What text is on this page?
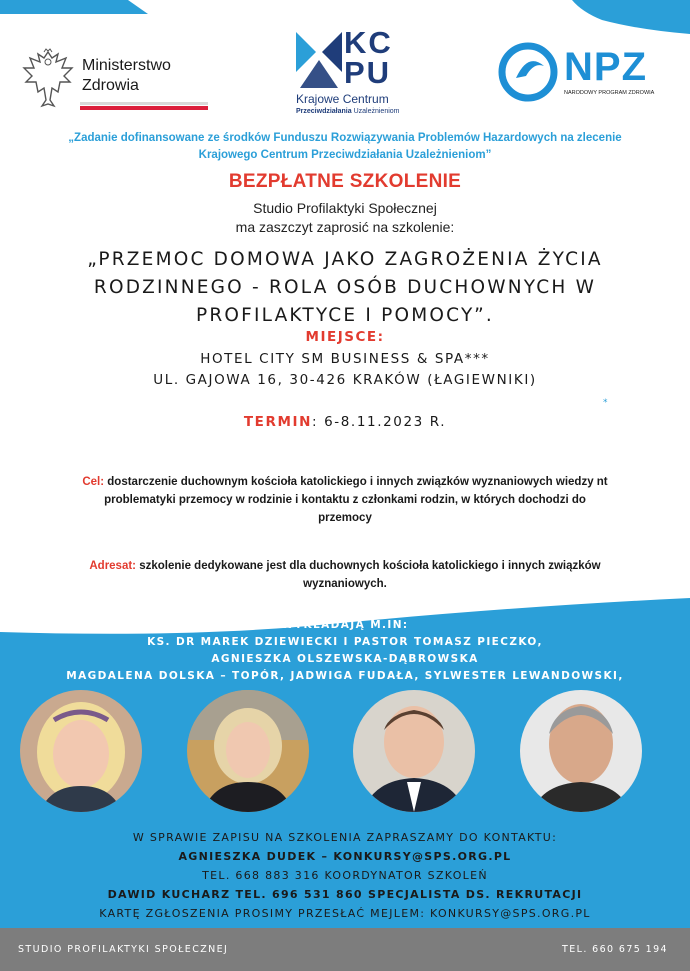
Ministerstwo
Zdrowia
KC
PU
Krajowe Centrum
Przeciwdziałania Uzależnieniom
NPZ
NARODOWY PROGRAM ZDROWIA
„Zadanie dofinansowane ze środków Funduszu Rozwiązywania Problemów Hazardowych na zlecenie
Krajowego Centrum Przeciwdziałania Uzależnieniom”
BEZPŁATNE SZKOLENIE
Studio Profilaktyki Społecznej
ma zaszczyt zaprosić na szkolenie:
„PRZEMOC DOMOWA JAKO ZAGROŻENIA ŻYCIA
RODZINNEGO - ROLA OSÓB DUCHOWNYCH W
PROFILAKTYCE I POMOCY”.
MIEJSCE:
HOTEL CITY SM BUSINESS & SPA***
UL. GAJOWA 16, 30-426 KRAKÓW (ŁAGIEWNIKI)
*
TERMIN: 6-8.11.2023 R.
Cel: dostarczenie duchownym kościoła katolickiego i innych związków wyznaniowych wiedzy nt
problematyki przemocy w rodzinie i kontaktu z członkami rodzin, w których dochodzi do
przemocy
Adresat: szkolenie dedykowane jest dla duchownych kościoła katolickiego i innych związków
wyznaniowych.
WYKŁADAJĄ M.IN:
KS. DR MAREK DZIEWIECKI I PASTOR TOMASZ PIECZKO,
AGNIESZKA OLSZEWSKA-DĄBROWSKA
MAGDALENA DOLSKA – TOPÓR, JADWIGA FUDAŁA, SYLWESTER LEWANDOWSKI,
W SPRAWIE ZAPISU NA SZKOLENIA ZAPRASZAMY DO KONTAKTU:
AGNIESZKA DUDEK – KONKURSY@SPS.ORG.PL
TEL. 668 883 316 KOORDYNATOR SZKOLEŃ
DAWID KUCHARZ TEL. 696 531 860 SPECJALISTA DS. REKRUTACJI
KARTĘ ZGŁOSZENIA PROSIMY PRZESŁAĆ MEJLEM: KONKURSY@SPS.ORG.PL
STUDIO PROFILAKTYKI SPOŁECZNEJ	TEL. 660 675 194
